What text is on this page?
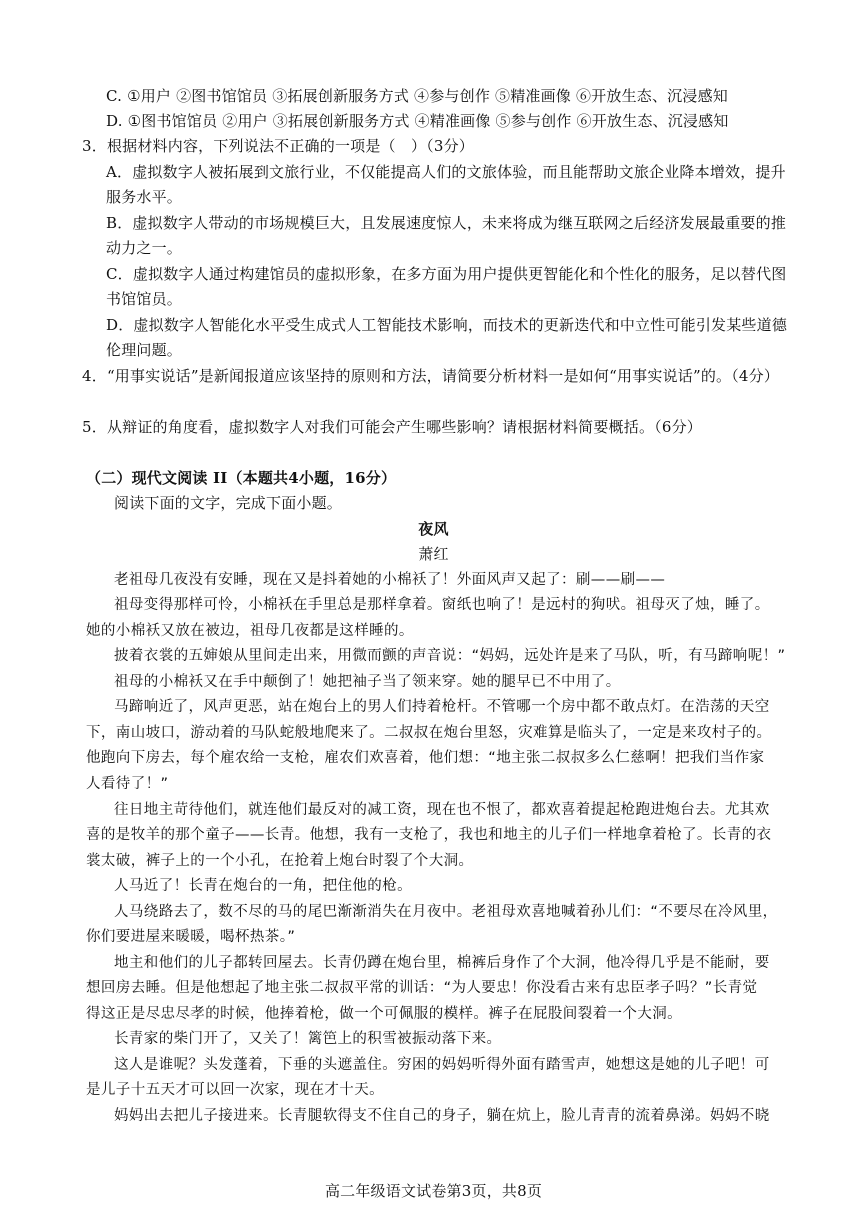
C. ①用户 ②图书馆馆员 ③拓展创新服务方式 ④参与创作 ⑤精准画像 ⑥开放生态、沉浸感知
D. ①图书馆馆员 ②用户 ③拓展创新服务方式 ④精准画像 ⑤参与创作 ⑥开放生态、沉浸感知
3．根据材料内容，下列说法不正确的一项是（　）（3分）
A．虚拟数字人被拓展到文旅行业，不仅能提高人们的文旅体验，而且能帮助文旅企业降本增效，提升
服务水平。
B．虚拟数字人带动的市场规模巨大，且发展速度惊人，未来将成为继互联网之后经济发展最重要的推
动力之一。
C．虚拟数字人通过构建馆员的虚拟形象，在多方面为用户提供更智能化和个性化的服务，足以替代图
书馆馆员。
D．虚拟数字人智能化水平受生成式人工智能技术影响，而技术的更新迭代和中立性可能引发某些道德
伦理问题。
4．“用事实说话”是新闻报道应该坚持的原则和方法，请简要分析材料一是如何“用事实说话”的。（4分）
5．从辩证的角度看，虚拟数字人对我们可能会产生哪些影响？请根据材料简要概括。（6分）
（二）现代文阅读 II（本题共4小题，16分）
阅读下面的文字，完成下面小题。
夜风
萧红
老祖母几夜没有安睡，现在又是抖着她的小棉袄了！外面风声又起了：刷——刷——
祖母变得那样可怜，小棉袄在手里总是那样拿着。窗纸也响了！是远村的狗吠。祖母灭了烛，睡了。
她的小棉袄又放在被边，祖母几夜都是这样睡的。
披着衣裳的五婶娘从里间走出来，用微而颤的声音说：“妈妈，远处许是来了马队，听，有马蹄响呢！”
祖母的小棉袄又在手中颠倒了！她把袖子当了领来穿。她的腿早已不中用了。
马蹄响近了，风声更恶，站在炮台上的男人们持着枪杆。不管哪一个房中都不敢点灯。在浩荡的天空
下，南山坡口，游动着的马队蛇般地爬来了。二叔叔在炮台里怒，灾难算是临头了，一定是来攻村子的。
他跑向下房去，每个雇农给一支枪，雇农们欢喜着，他们想：“地主张二叔叔多么仁慈啊！把我们当作家
人看待了！”
往日地主苛待他们，就连他们最反对的减工资，现在也不恨了，都欢喜着提起枪跑进炮台去。尤其欢
喜的是牧羊的那个童子——长青。他想，我有一支枪了，我也和地主的儿子们一样地拿着枪了。长青的衣
裳太破，裤子上的一个小孔，在抢着上炮台时裂了个大洞。
人马近了！长青在炮台的一角，把住他的枪。
人马绕路去了，数不尽的马的尾巴渐渐消失在月夜中。老祖母欢喜地喊着孙儿们：“不要尽在冷风里，
你们要进屋来暖暖，喝杯热茶。”
地主和他们的儿子都转回屋去。长青仍蹲在炮台里，棉裤后身作了个大洞，他冷得几乎是不能耐，要
想回房去睡。但是他想起了地主张二叔叔平常的训话：“为人要忠！你没看古来有忠臣孝子吗？”长青觉
得这正是尽忠尽孝的时候，他捧着枪，做一个可佩服的模样。裤子在屁股间裂着一个大洞。
长青家的柴门开了，又关了！篱笆上的积雪被振动落下来。
这人是谁呢？头发蓬着，下垂的头遮盖住。穷困的妈妈听得外面有踏雪声，她想这是她的儿子吧！可
是儿子十五天才可以回一次家，现在才十天。
妈妈出去把儿子接进来。长青腿软得支不住自己的身子，躺在炕上，脸儿青青的流着鼻涕。妈妈不晓
高二年级语文试卷第3页，共8页
